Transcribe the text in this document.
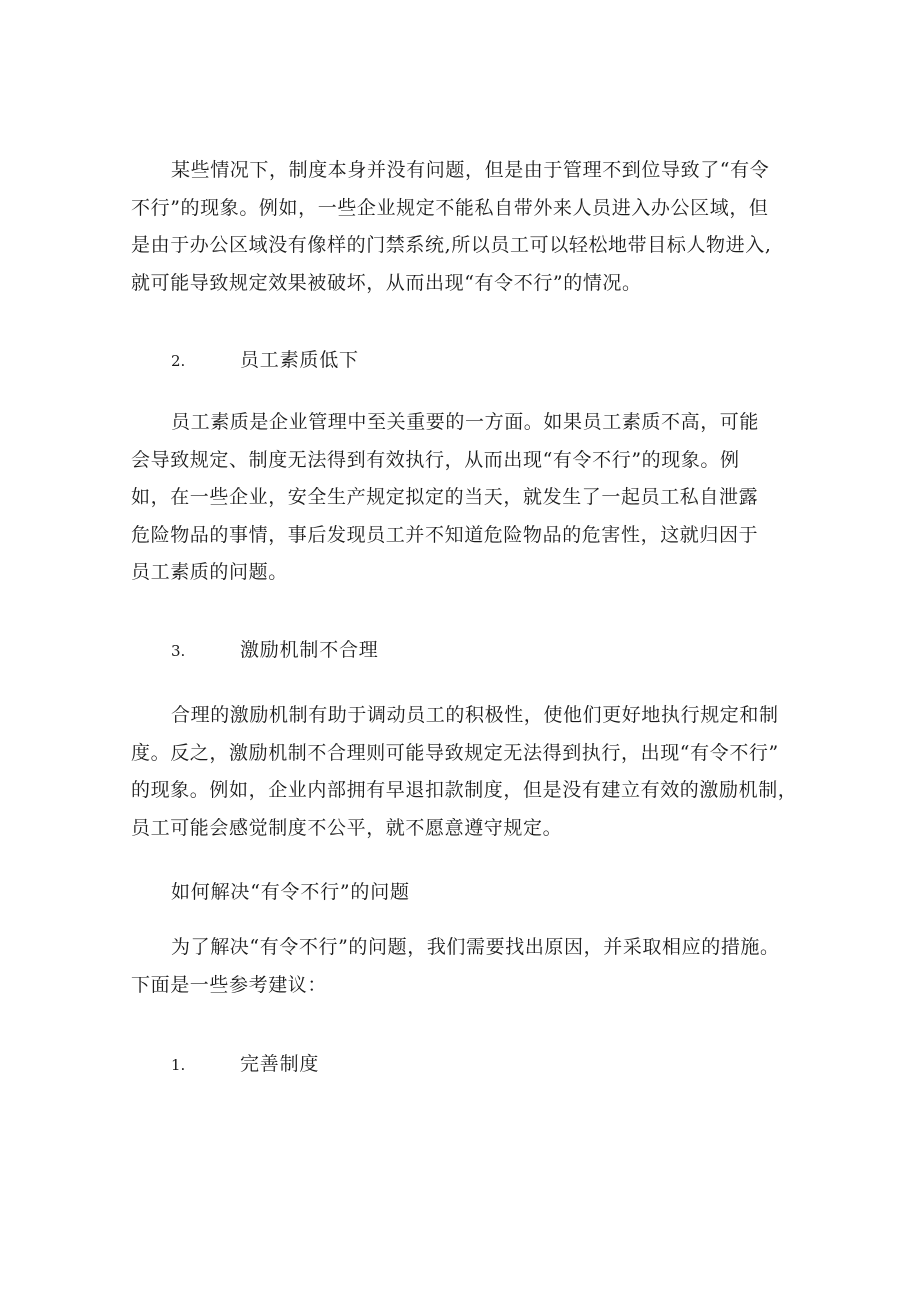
某些情况下，制度本身并没有问题，但是由于管理不到位导致了“有令
不行”的现象。例如，一些企业规定不能私自带外来人员进入办公区域，但
是由于办公区域没有像样的门禁系统,所以员工可以轻松地带目标人物进入,
就可能导致规定效果被破坏，从而出现“有令不行”的情况。
2.	员工素质低下
员工素质是企业管理中至关重要的一方面。如果员工素质不高，可能
会导致规定、制度无法得到有效执行，从而出现“有令不行”的现象。例
如，在一些企业，安全生产规定拟定的当天，就发生了一起员工私自泄露
危险物品的事情，事后发现员工并不知道危险物品的危害性，这就归因于
员工素质的问题。
3.	激励机制不合理
合理的激励机制有助于调动员工的积极性，使他们更好地执行规定和制
度。反之，激励机制不合理则可能导致规定无法得到执行，出现“有令不行”
的现象。例如，企业内部拥有早退扣款制度，但是没有建立有效的激励机制，
员工可能会感觉制度不公平，就不愿意遵守规定。
如何解决“有令不行”的问题
为了解决“有令不行”的问题，我们需要找出原因，并采取相应的措施。
下面是一些参考建议：
1.	完善制度
